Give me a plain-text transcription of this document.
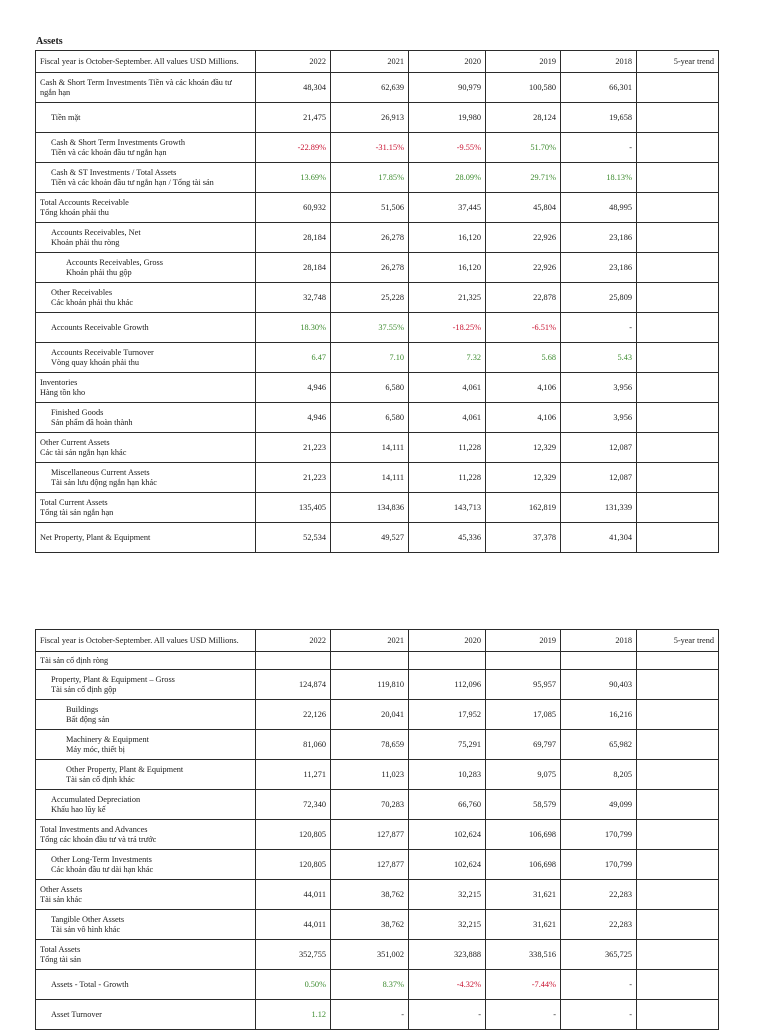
Assets
Fiscal year is October-September. All values USD Millions.	2022	2021	2020	2019	2018	5-year trend

Cash & Short Term Investments Tiền và các khoản đầu tư
ngắn hạn	48,304	62,639	90,979	100,580	66,301	

Tiền mặt	21,475	26,913	19,980	28,124	19,658	

Cash & Short Term Investments Growth
Tiền và các khoản đầu tư ngắn hạn	-22.89%	-31.15%	-9.55%	51.70%	-	

Cash & ST Investments / Total Assets
Tiền và các khoản đầu tư ngắn hạn / Tổng tài sản	13.69%	17.85%	28.09%	29.71%	18.13%	

Total Accounts Receivable
Tổng khoản phải thu	60,932	51,506	37,445	45,804	48,995	

Accounts Receivables, Net
Khoản phải thu ròng	28,184	26,278	16,120	22,926	23,186	

Accounts Receivables, Gross
Khoản phải thu gộp	28,184	26,278	16,120	22,926	23,186	

Other Receivables
Các khoản phải thu khác	32,748	25,228	21,325	22,878	25,809	

Accounts Receivable Growth	18.30%	37.55%	-18.25%	-6.51%	-	

Accounts Receivable Turnover
Vòng quay khoản phải thu	6.47	7.10	7.32	5.68	5.43	

Inventories
Hàng tồn kho	4,946	6,580	4,061	4,106	3,956	

Finished Goods
Sản phẩm đã hoàn thành	4,946	6,580	4,061	4,106	3,956	

Other Current Assets
Các tài sản ngắn hạn khác	21,223	14,111	11,228	12,329	12,087	

Miscellaneous Current Assets
Tài sản lưu động ngắn hạn khác	21,223	14,111	11,228	12,329	12,087	

Total Current Assets
Tổng tài sản ngắn hạn	135,405	134,836	143,713	162,819	131,339	

Net Property, Plant & Equipment	52,534	49,527	45,336	37,378	41,304	
Fiscal year is October-September. All values USD Millions.	2022	2021	2020	2019	2018	5-year trend

Tài sản cố định ròng						

Property, Plant & Equipment – Gross
Tài sản cố định gộp	124,874	119,810	112,096	95,957	90,403	

Buildings
Bất động sản	22,126	20,041	17,952	17,085	16,216	

Machinery & Equipment
Máy móc, thiết bị	81,060	78,659	75,291	69,797	65,982	

Other Property, Plant & Equipment
Tài sản cố định khác	11,271	11,023	10,283	9,075	8,205	

Accumulated Depreciation
Khấu hao lũy kế	72,340	70,283	66,760	58,579	49,099	

Total Investments and Advances
Tổng các khoản đầu tư và trả trước	120,805	127,877	102,624	106,698	170,799	

Other Long-Term Investments
Các khoản đầu tư dài hạn khác	120,805	127,877	102,624	106,698	170,799	

Other Assets
Tài sản khác	44,011	38,762	32,215	31,621	22,283	

Tangible Other Assets
Tài sản vô hình khác	44,011	38,762	32,215	31,621	22,283	

Total Assets
Tổng tài sản	352,755	351,002	323,888	338,516	365,725	

Assets - Total - Growth	0.50%	8.37%	-4.32%	-7.44%	-	

Asset Turnover	1.12	-	-	-	-	
